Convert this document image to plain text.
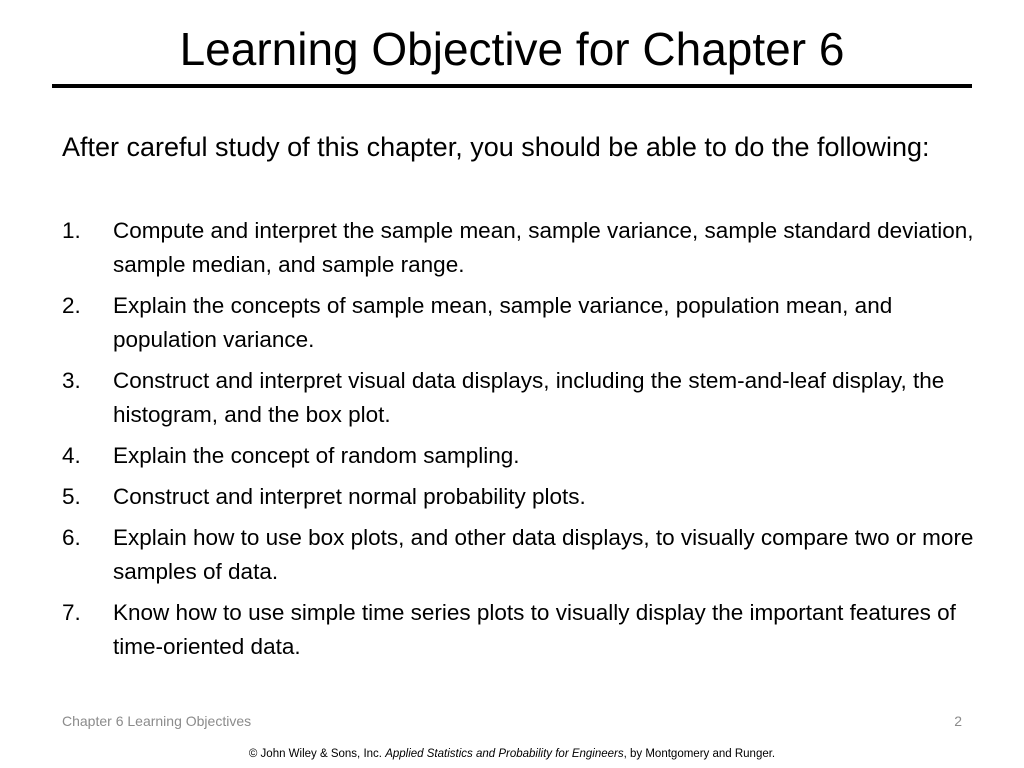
Learning Objective for Chapter 6

After careful study of this chapter, you should be able to do the following:

1.	Compute and interpret the sample mean, sample variance, sample standard deviation, sample median, and sample range.
2.	Explain the concepts of sample mean, sample variance, population mean, and population variance.
3.	Construct and interpret visual data displays, including the stem-and-leaf display, the histogram, and the box plot.
4.	Explain the concept of random sampling.
5.	Construct and interpret normal probability plots.
6.	Explain how to use box plots, and other data displays, to visually compare two or more samples of data.
7.	Know how to use simple time series plots to visually display the important features of time-oriented data.
Chapter 6 Learning Objectives	2
© John Wiley & Sons, Inc. Applied Statistics and Probability for Engineers, by Montgomery and Runger.
